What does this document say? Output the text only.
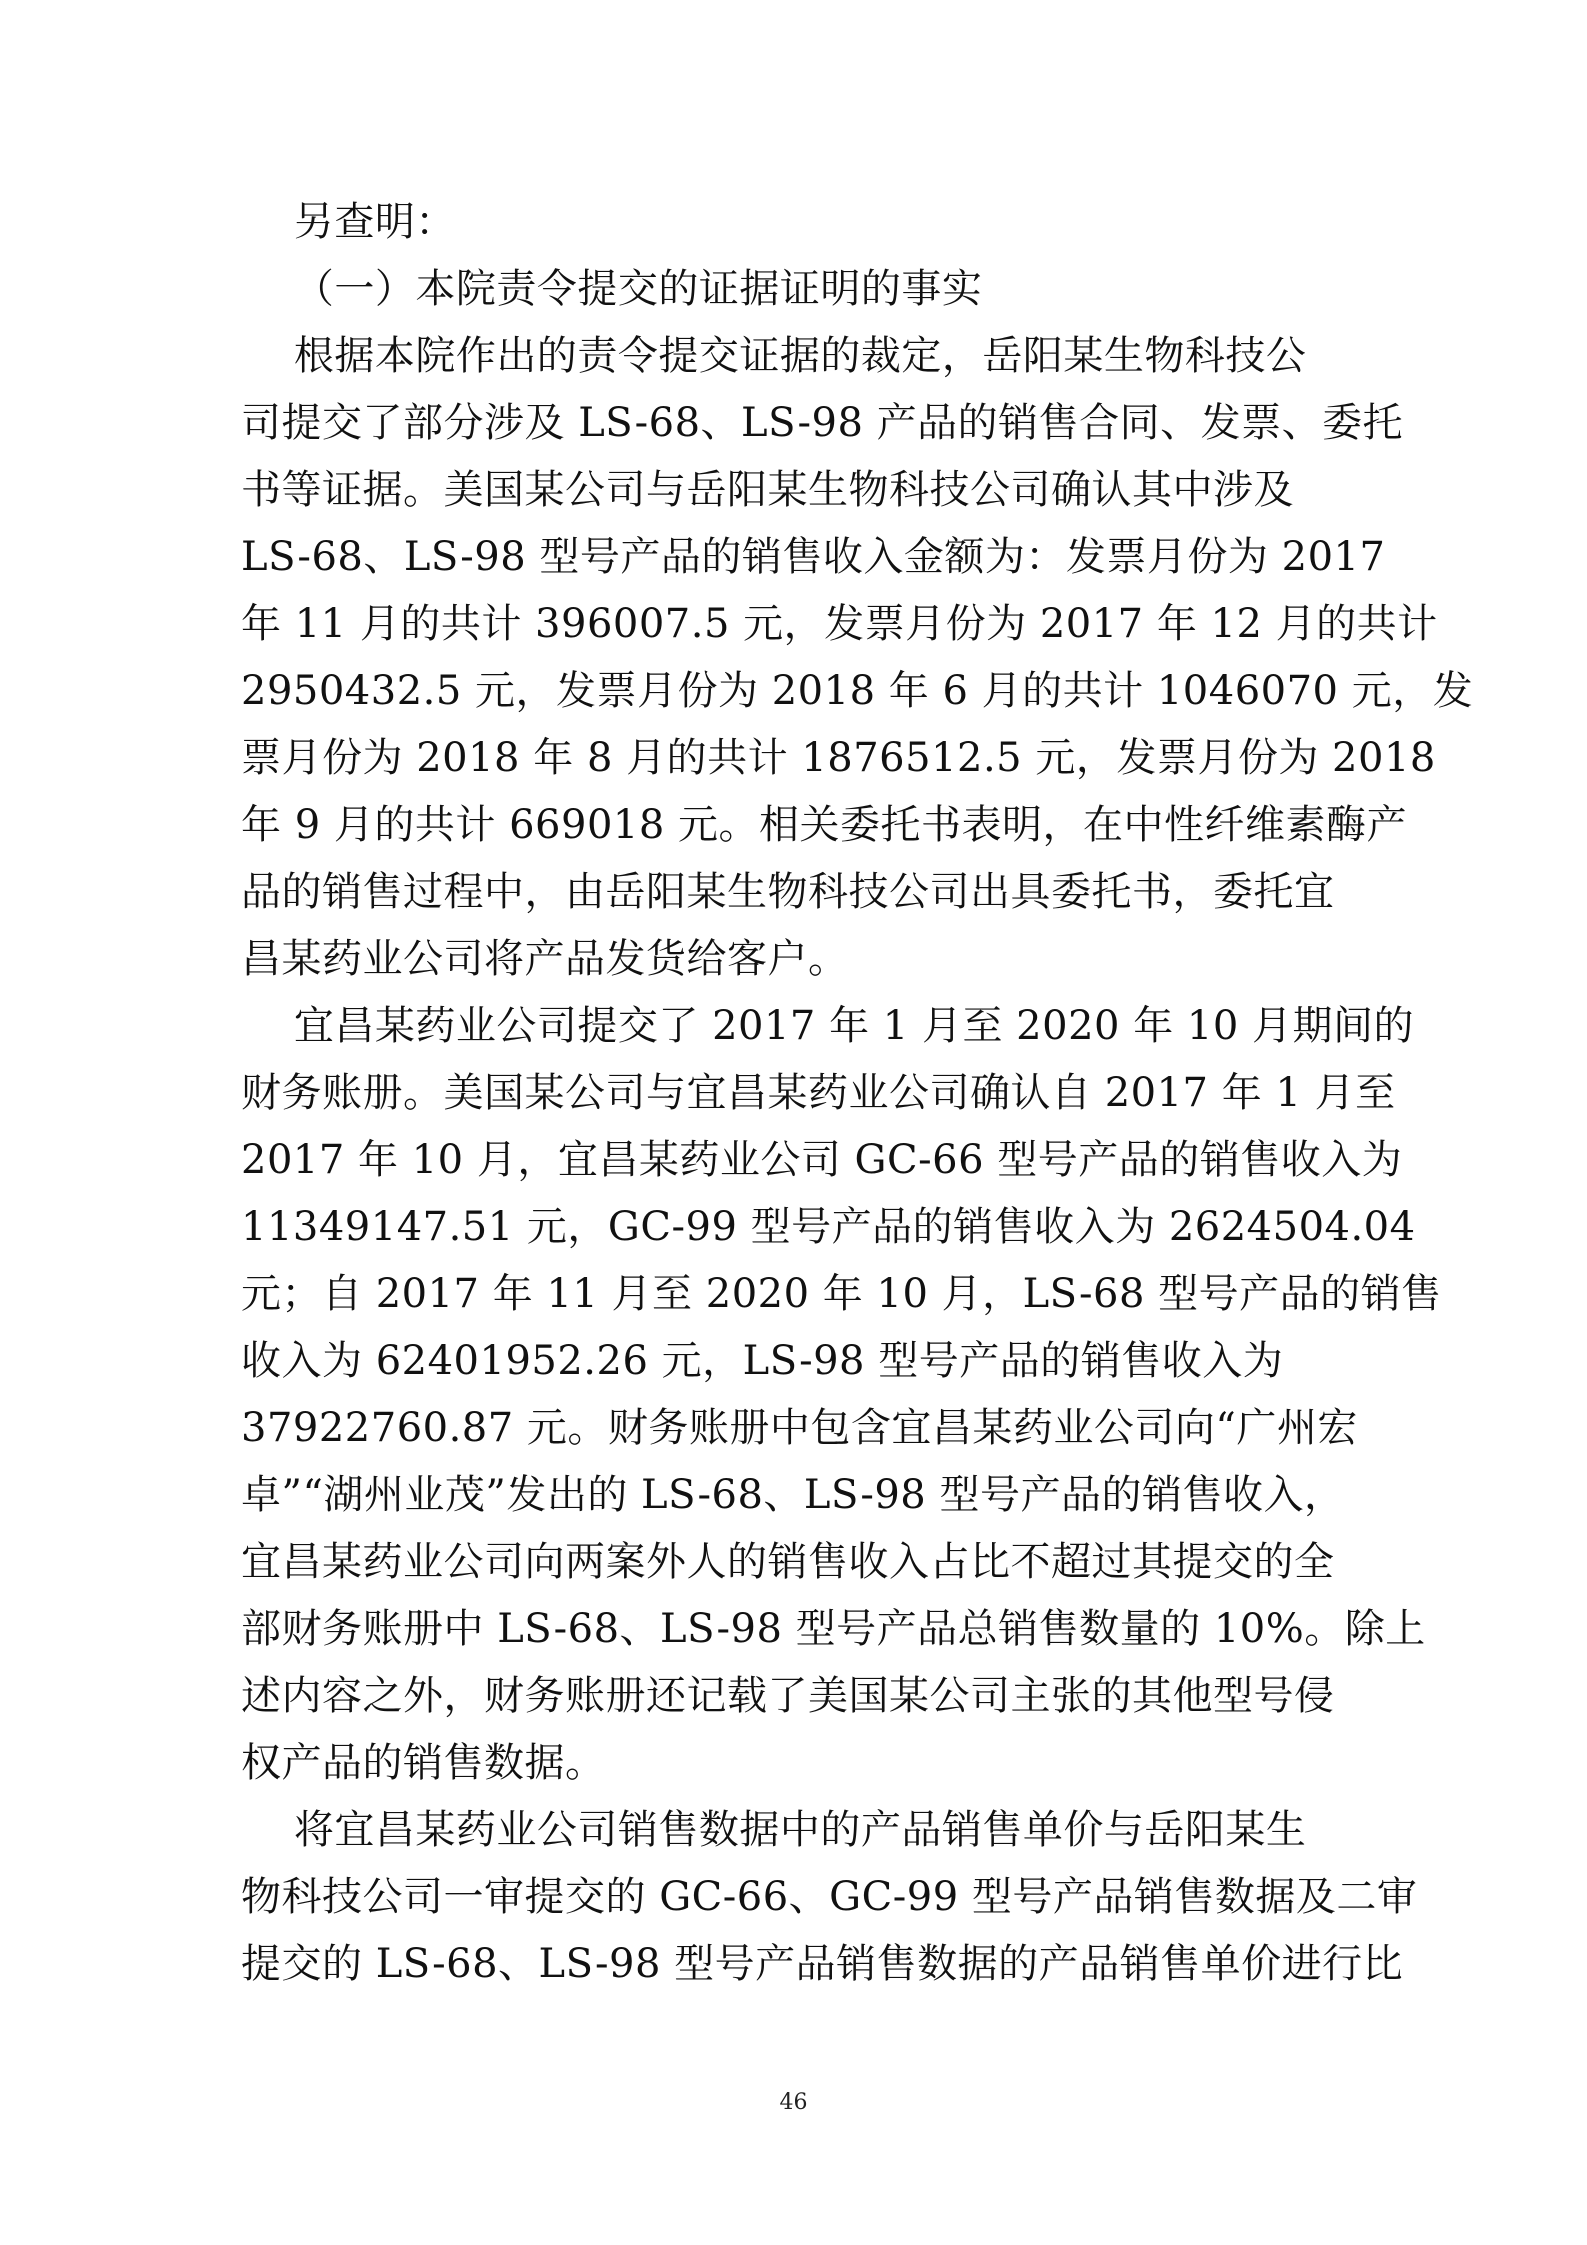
另查明：
（一）本院责令提交的证据证明的事实
根据本院作出的责令提交证据的裁定，岳阳某生物科技公
司提交了部分涉及 LS-68、LS-98 产品的销售合同、发票、委托
书等证据。美国某公司与岳阳某生物科技公司确认其中涉及
LS-68、LS-98 型号产品的销售收入金额为：发票月份为 2017
年 11 月的共计 396007.5 元，发票月份为 2017 年 12 月的共计
2950432.5 元，发票月份为 2018 年 6 月的共计 1046070 元，发
票月份为 2018 年 8 月的共计 1876512.5 元，发票月份为 2018
年 9 月的共计 669018 元。相关委托书表明，在中性纤维素酶产
品的销售过程中，由岳阳某生物科技公司出具委托书，委托宜
昌某药业公司将产品发货给客户。
宜昌某药业公司提交了 2017 年 1 月至 2020 年 10 月期间的
财务账册。美国某公司与宜昌某药业公司确认自 2017 年 1 月至
2017 年 10 月，宜昌某药业公司 GC-66 型号产品的销售收入为
11349147.51 元，GC-99 型号产品的销售收入为 2624504.04
元；自 2017 年 11 月至 2020 年 10 月，LS-68 型号产品的销售
收入为 62401952.26 元，LS-98 型号产品的销售收入为
37922760.87 元。财务账册中包含宜昌某药业公司向“广州宏
卓”“湖州业茂”发出的 LS-68、LS-98 型号产品的销售收入，
宜昌某药业公司向两案外人的销售收入占比不超过其提交的全
部财务账册中 LS-68、LS-98 型号产品总销售数量的 10%。除上
述内容之外，财务账册还记载了美国某公司主张的其他型号侵
权产品的销售数据。
将宜昌某药业公司销售数据中的产品销售单价与岳阳某生
物科技公司一审提交的 GC-66、GC-99 型号产品销售数据及二审
提交的 LS-68、LS-98 型号产品销售数据的产品销售单价进行比
46
